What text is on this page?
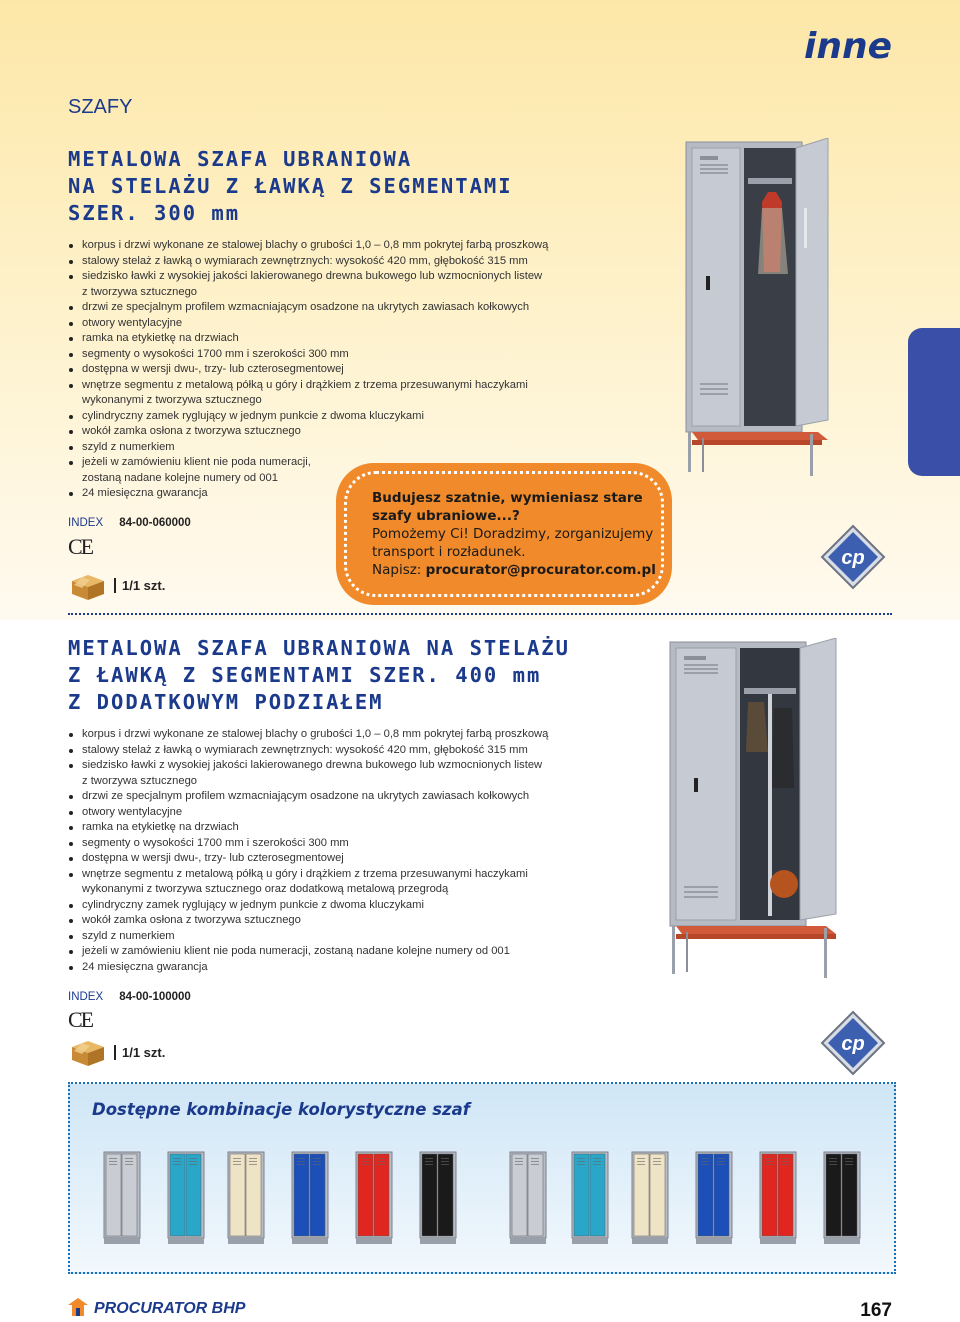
inne
SZAFY
METALOWA SZAFA UBRANIOWA
NA STELAŻU Z ŁAWKĄ Z SEGMENTAMI
SZER. 300 mm
korpus i drzwi wykonane ze stalowej blachy o grubości 1,0 – 0,8 mm pokrytej farbą proszkową
stalowy stelaż z ławką o wymiarach zewnętrznych: wysokość 420 mm, głębokość 315 mm
siedzisko ławki z wysokiej jakości lakierowanego drewna bukowego lub wzmocnionych listew
z tworzywa sztucznego
drzwi ze specjalnym profilem wzmacniającym osadzone na ukrytych zawiasach kołkowych
otwory wentylacyjne
ramka na etykietkę na drzwiach
segmenty o wysokości 1700 mm i szerokości 300 mm
dostępna w wersji dwu-, trzy- lub czterosegmentowej
wnętrze segmentu z metalową półką u góry i drążkiem z trzema przesuwanymi haczykami
wykonanymi z tworzywa sztucznego
cylindryczny zamek ryglujący w jednym punkcie z dwoma kluczykami
wokół zamka osłona z tworzywa sztucznego
szyld z numerkiem
jeżeli w zamówieniu klient nie poda numeracji,
zostaną nadane kolejne numery od 001
24 miesięczna gwarancja
INDEX 84-00-060000
CE
1/1 szt.
Budujesz szatnie, wymieniasz stare
szafy ubraniowe...?
Pomożemy Ci! Doradzimy, zorganizujemy
transport i rozładunek.
Napisz: procurator@procurator.com.pl
cp
METALOWA SZAFA UBRANIOWA NA STELAŻU
Z ŁAWKĄ Z SEGMENTAMI SZER. 400 mm
Z DODATKOWYM PODZIAŁEM
korpus i drzwi wykonane ze stalowej blachy o grubości 1,0 – 0,8 mm pokrytej farbą proszkową
stalowy stelaż z ławką o wymiarach zewnętrznych: wysokość 420 mm, głębokość 315 mm
siedzisko ławki z wysokiej jakości lakierowanego drewna bukowego lub wzmocnionych listew
z tworzywa sztucznego
drzwi ze specjalnym profilem wzmacniającym osadzone na ukrytych zawiasach kołkowych
otwory wentylacyjne
ramka na etykietkę na drzwiach
segmenty o wysokości 1700 mm i szerokości 300 mm
dostępna w wersji dwu-, trzy- lub czterosegmentowej
wnętrze segmentu z metalową półką u góry i drążkiem z trzema przesuwanymi haczykami
wykonanymi z tworzywa sztucznego oraz dodatkową metalową przegrodą
cylindryczny zamek ryglujący w jednym punkcie z dwoma kluczykami
wokół zamka osłona z tworzywa sztucznego
szyld z numerkiem
jeżeli w zamówieniu klient nie poda numeracji, zostaną nadane kolejne numery od 001
24 miesięczna gwarancja
INDEX 84-00-100000
CE
1/1 szt.	cp
Dostępne kombinacje kolorystyczne szaf
PROCURATOR BHP	167
